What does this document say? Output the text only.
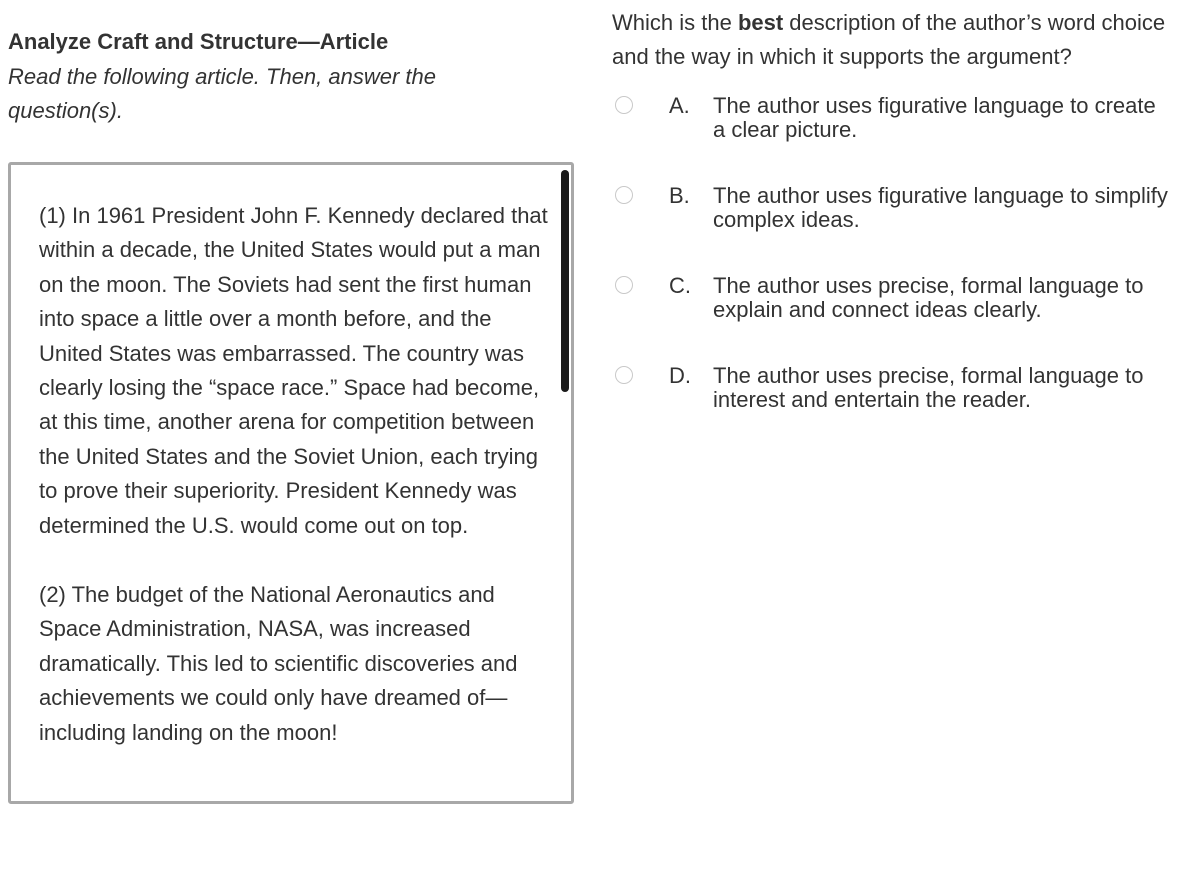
Analyze Craft and Structure—Article

Read the following article. Then, answer the question(s).

(1) In 1961 President John F. Kennedy declared that within a decade, the United States would put a man on the moon. The Soviets had sent the first human into space a little over a month before, and the United States was embarrassed. The country was clearly losing the “space race.” Space had become, at this time, another arena for competition between the United States and the Soviet Union, each trying to prove their superiority. President Kennedy was determined the U.S. would come out on top.

(2) The budget of the National Aeronautics and Space Administration, NASA, was increased dramatically. This led to scientific discoveries and achievements we could only have dreamed of—including landing on the moon!

Which is the best description of the author’s word choice and the way in which it supports the argument?

A. The author uses figurative language to create a clear picture.
B. The author uses figurative language to simplify complex ideas.
C. The author uses precise, formal language to explain and connect ideas clearly.
D. The author uses precise, formal language to interest and entertain the reader.
